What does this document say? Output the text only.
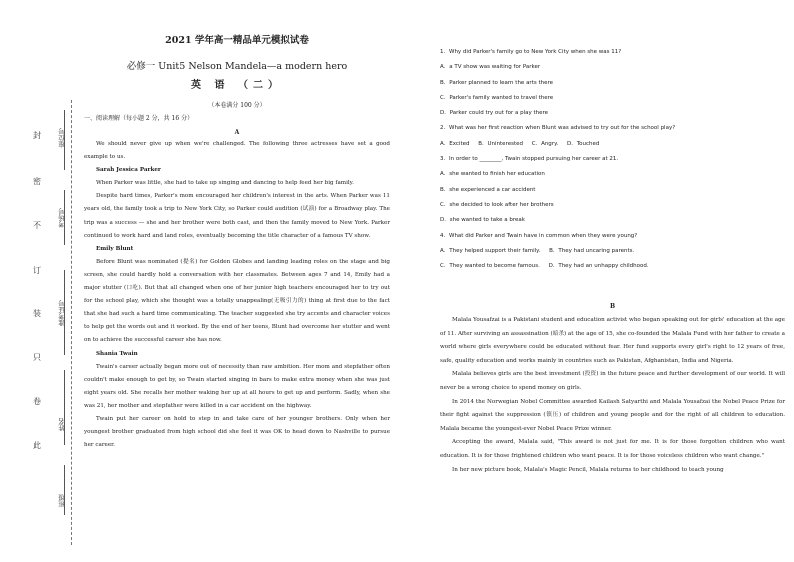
封
密
不
订
装
只
卷
此
座位号
考场号
准考证号
姓名
班级
2021 学年高一精品单元模拟试卷
必修一 Unit5 Nelson Mandela—a modern hero
英 语 （二）
（本卷满分 100 分）
一、阅读理解（每小题 2 分，共 16 分）
A

We should never give up when we're challenged. The following three actresses have set a good example to us.

Sarah Jessica Parker

When Parker was little, she had to take up singing and dancing to help feed her big family.

Despite hard times, Parker's mom encouraged her children's interest in the arts. When Parker was 11 years old, the family took a trip to New York City, so Parker could audition (试演) for a Broadway play. The trip was a success — she and her brother were both cast, and then the family moved to New York. Parker continued to work hard and land roles, eventually becoming the title character of a famous TV show.

Emily Blunt

Before Blunt was nominated (提名) for Golden Globes and landing leading roles on the stage and big screen, she could hardly hold a conversation with her classmates. Between ages 7 and 14, Emily had a major stutter (口吃). But that all changed when one of her junior high teachers encouraged her to try out for the school play, which she thought was a totally unappealing(无吸引力的) thing at first due to the fact that she had such a hard time communicating. The teacher suggested she try accents and character voices to help get the words out and it worked. By the end of her teens, Blunt had overcome her stutter and went on to achieve the successful career she has now.

Shania Twain

Twain's career actually began more out of necessity than raw ambition. Her mom and stepfather often couldn't make enough to get by, so Twain started singing in bars to make extra money when she was just eight years old. She recalls her mother waking her up at all hours to get up and perform. Sadly, when she was 21, her mother and stepfather were killed in a car accident on the highway.

Twain put her career on hold to step in and take care of her younger brothers. Only when her youngest brother graduated from high school did she feel it was OK to head down to Nashville to pursue her career.

1．Why did Parker's family go to New York City when she was 11?
A．a TV show was waiting for Parker
B．Parker planned to learn the arts there
C．Parker's family wanted to travel there
D．Parker could try out for a play there
2．What was her first reaction when Blunt was advised to try out for the school play?
A．Excited     B．Uninterested     C．Angry.     D．Touched
3．In order to ________, Twain stopped pursuing her career at 21.
A．she wanted to finish her education
B．she experienced a car accident
C．she decided to look after her brothers
D．she wanted to take a break
4．What did Parker and Twain have in common when they were young?
A．They helped support their family.     B．They had uncaring parents.
C．They wanted to become famous.     D．They had an unhappy childhood.
B

Malala Yousafzai is a Pakistani student and education activist who began speaking out for girls' education at the age of 11. After surviving an assassination (暗杀) at the age of 15, she co-founded the Malala Fund with her father to create a world where girls everywhere could be educated without fear. Her fund supports every girl's right to 12 years of free, safe, quality education and works mainly in countries such as Pakistan, Afghanistan, India and Nigeria.

Malala believes girls are the best investment (投资) in the future peace and further development of our world. It will never be a wrong choice to spend money on girls.

In 2014 the Norwegian Nobel Committee awarded Kailash Satyarthi and Malala Yousafzai the Nobel Peace Prize for their fight against the suppression (镇压) of children and young people and for the right of all children to education. Malala became the youngest-ever Nobel Peace Prize winner.

Accepting the award, Malala said, "This award is not just for me. It is for those forgotten children who want education. It is for those frightened children who want peace. It is for those voiceless children who want change."

In her new picture book, Malala's Magic Pencil, Malala returns to her childhood to teach young
